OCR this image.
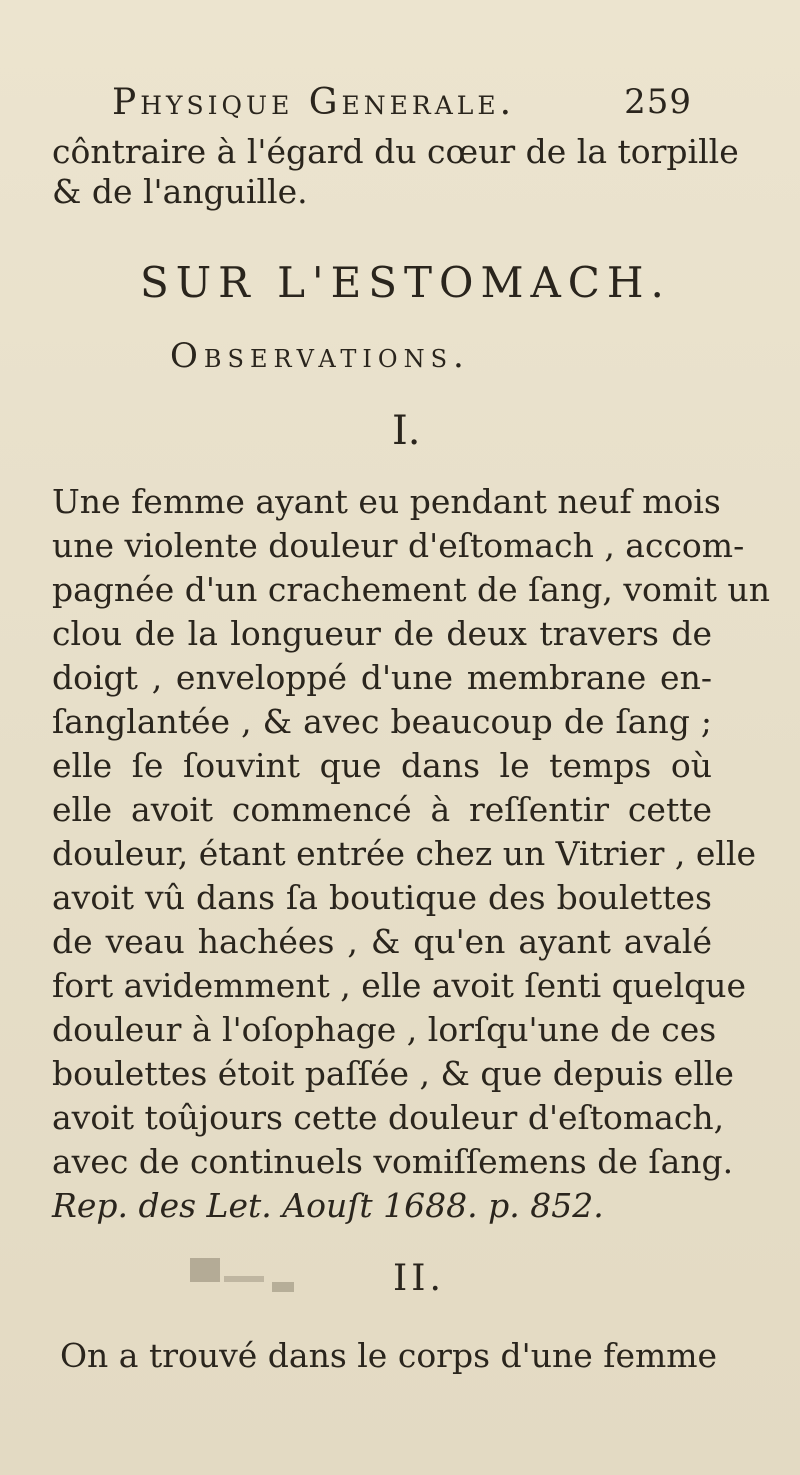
Physique Generale.	259
côntraire à l'égard du cœur de la torpille
& de l'anguille.
SUR L'ESTOMACH.
Observations.
I.
Une femme ayant eu pendant neuf mois
une violente douleur d'eſtomach , accom-
pagnée d'un crachement de ſang, vomit un
clou de la longueur de deux travers de
doigt , enveloppé d'une membrane en-
ſanglantée , & avec beaucoup de ſang ;
elle ſe ſouvint que dans le temps où
elle avoit commencé à reſſentir cette
douleur, étant entrée chez un Vitrier , elle
avoit vû dans ſa boutique des boulettes
de veau hachées , & qu'en ayant avalé
fort avidemment , elle avoit ſenti quelque
douleur à l'oſophage , lorſqu'une de ces
boulettes étoit paſſée , & que depuis elle
avoit toûjours cette douleur d'eſtomach,
avec de continuels vomiſſemens de ſang.
Rep. des Let. Aouſt 1688. p. 852.
II.
On a trouvé dans le corps d'une femme
